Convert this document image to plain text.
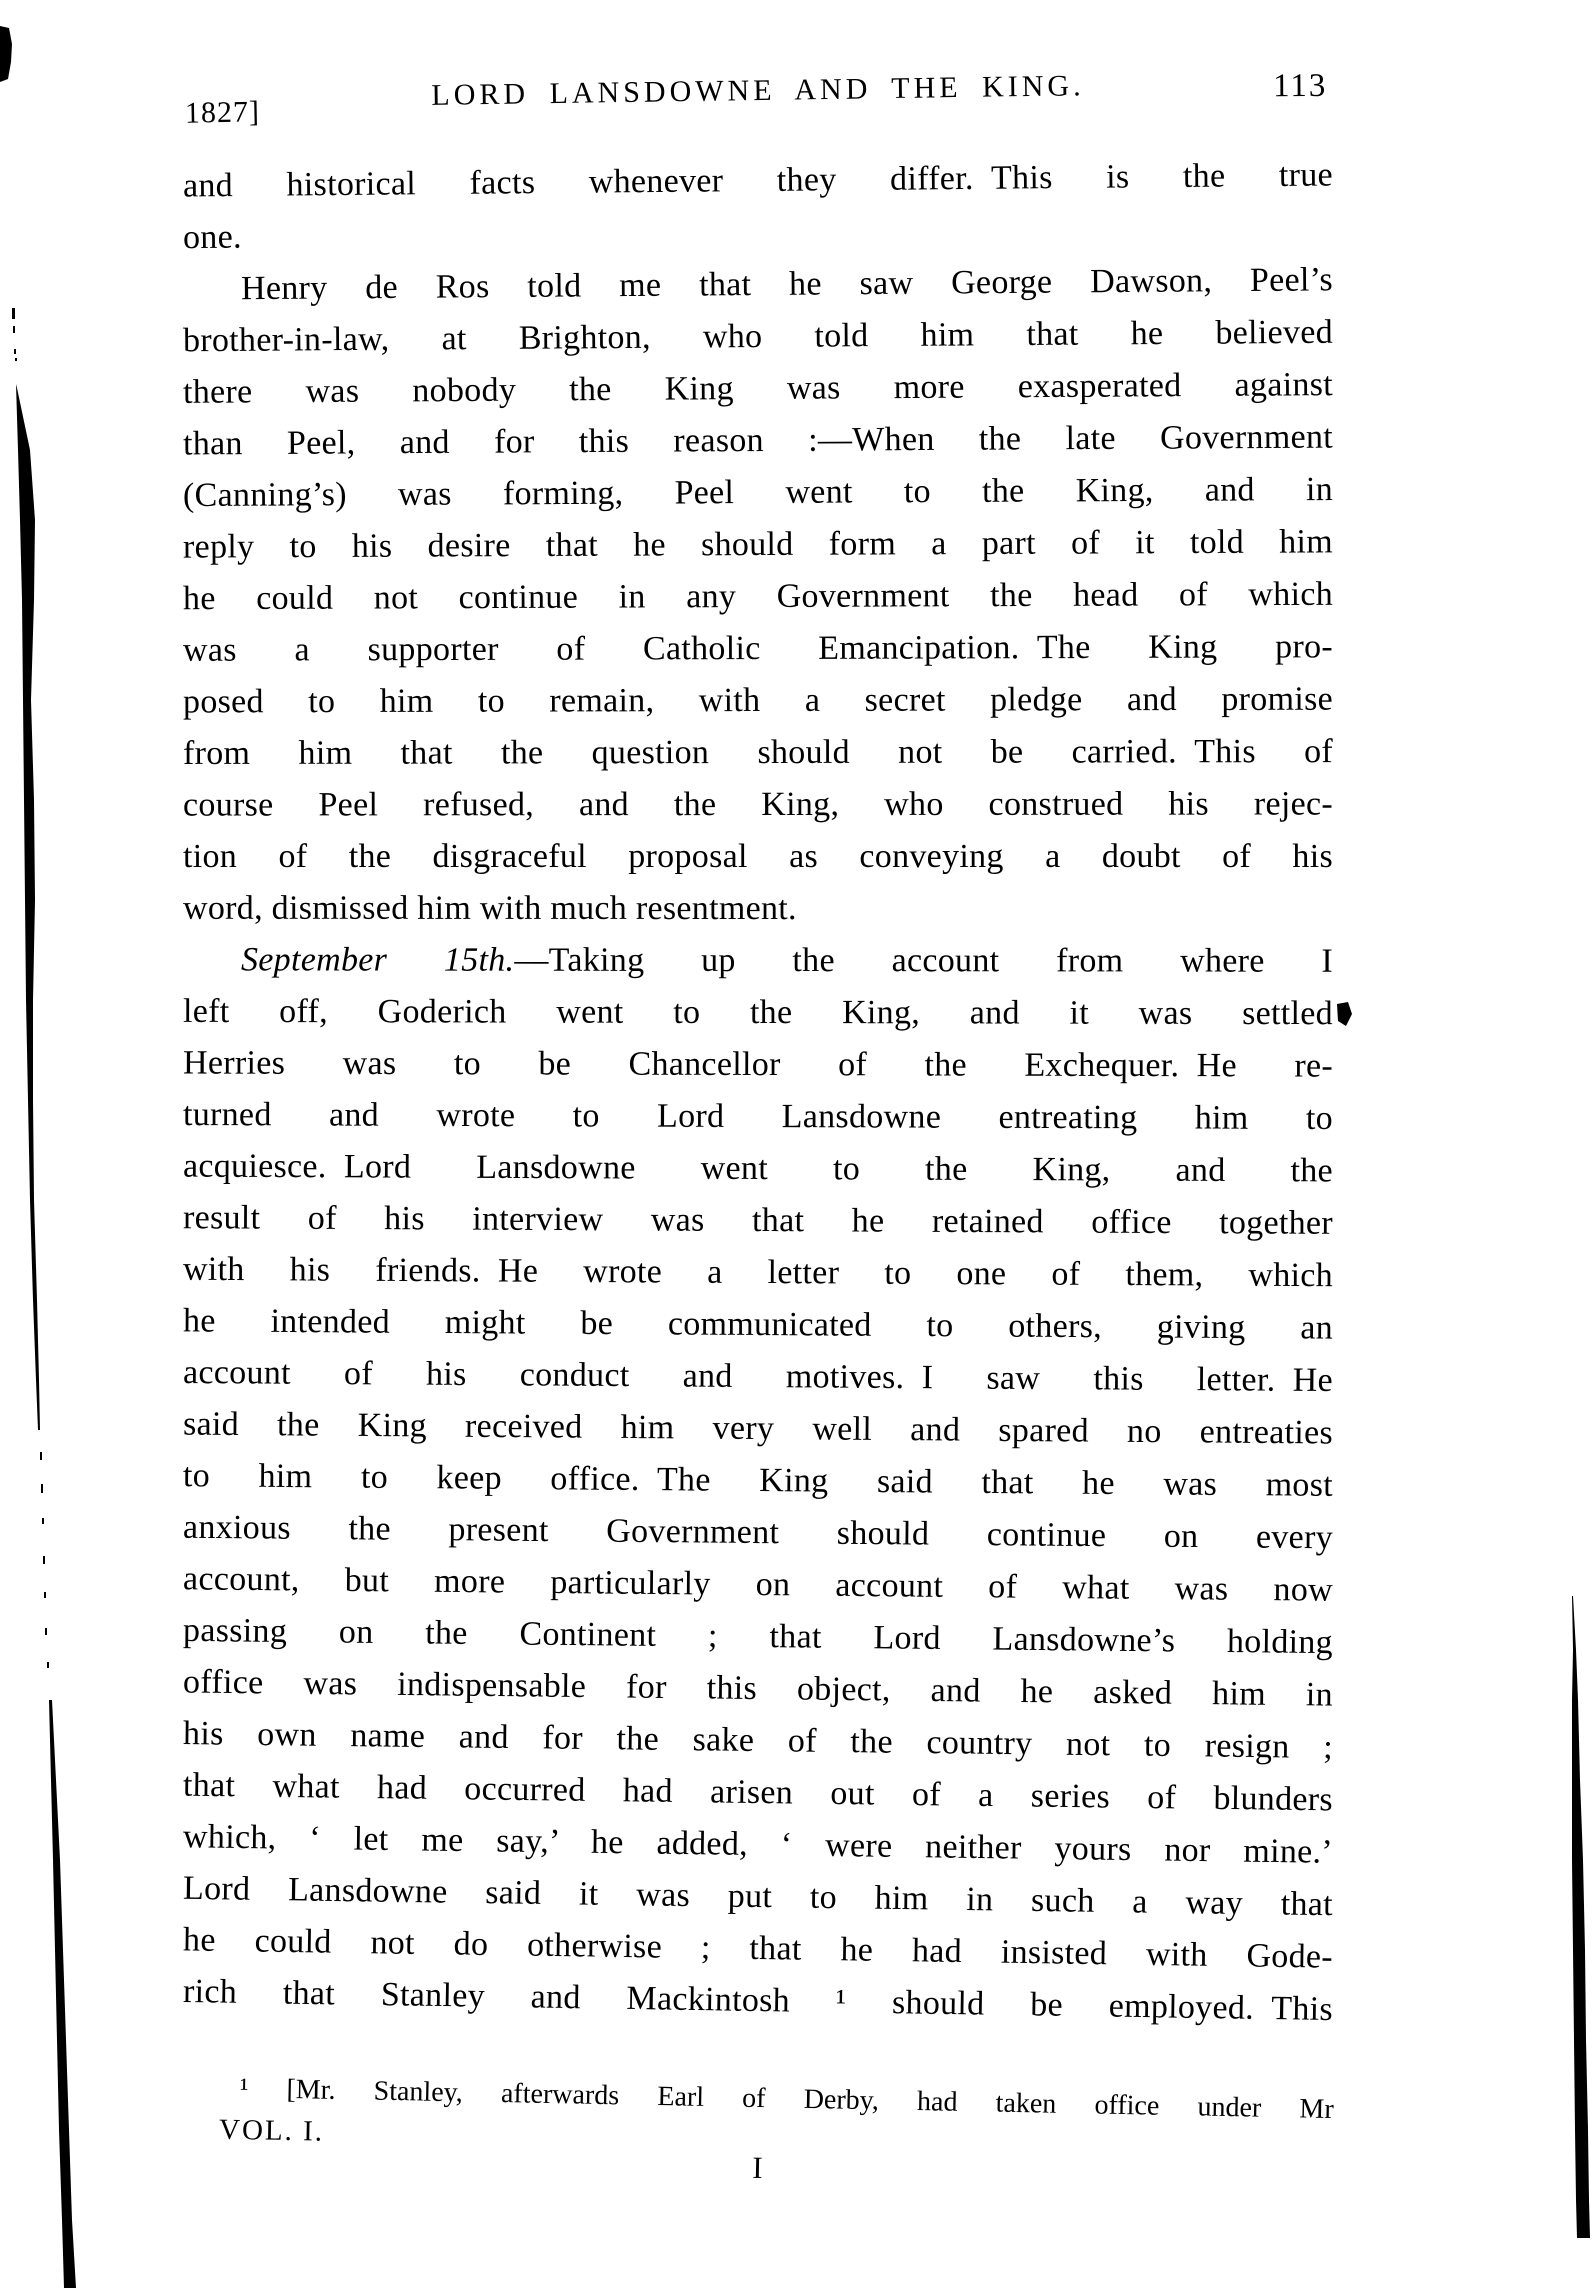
1827]
LORD LANSDOWNE AND THE KING.	113
and historical facts whenever they differ. This is the true
one.
Henry de Ros told me that he saw George Dawson, Peel’s
brother-in-law, at Brighton, who told him that he believed
there was nobody the King was more exasperated against
than Peel, and for this reason :—When the late Government
(Canning’s) was forming, Peel went to the King, and in
reply to his desire that he should form a part of it told him
he could not continue in any Government the head of which
was a supporter of Catholic Emancipation. The King pro-
posed to him to remain, with a secret pledge and promise
from him that the question should not be carried. This of
course Peel refused, and the King, who construed his rejec-
tion of the disgraceful proposal as conveying a doubt of his
word, dismissed him with much resentment.
September 15th.—Taking up the account from where I
left off, Goderich went to the King, and it was settled
Herries was to be Chancellor of the Exchequer. He re-
turned and wrote to Lord Lansdowne entreating him to
acquiesce. Lord Lansdowne went to the King, and the
result of his interview was that he retained office together
with his friends. He wrote a letter to one of them, which
he intended might be communicated to others, giving an
account of his conduct and motives. I saw this letter. He
said the King received him very well and spared no entreaties
to him to keep office. The King said that he was most
anxious the present Government should continue on every
account, but more particularly on account of what was now
passing on the Continent ; that Lord Lansdowne’s holding
office was indispensable for this object, and he asked him in
his own name and for the sake of the country not to resign ;
that what had occurred had arisen out of a series of blunders
which, ‘ let me say,’ he added, ‘ were neither yours nor mine.’
Lord Lansdowne said it was put to him in such a way that
he could not do otherwise ; that he had insisted with Gode-
rich that Stanley and Mackintosh ¹ should be employed. This
¹ [Mr. Stanley, afterwards Earl of Derby, had taken office under Mr
VOL. I.
I
